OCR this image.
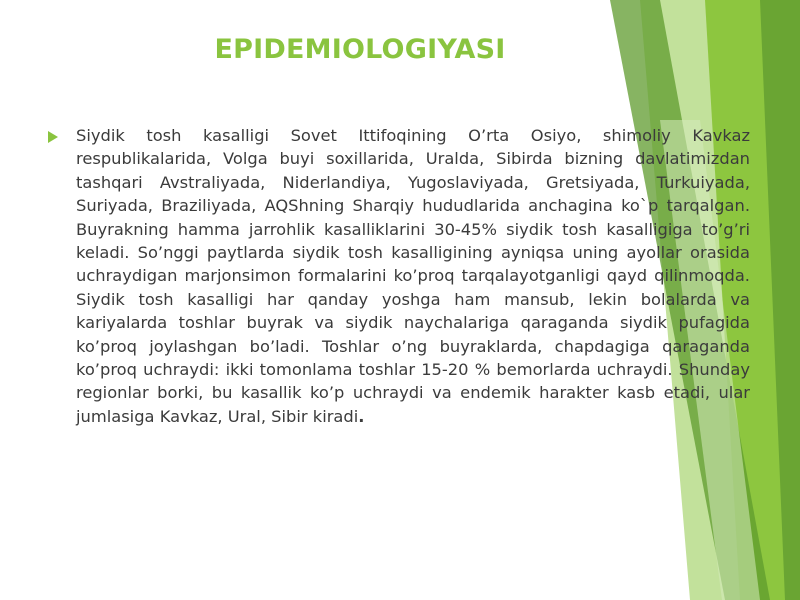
EPIDEMIOLOGIYASI

Siydik tosh kasalligi Sovet Ittifoqining O’rta Osiyo, shimoliy Kavkaz respublikalarida, Volga buyi soxillarida, Uralda, Sibirda bizning davlatimizdan tashqari Avstraliyada, Niderlandiya, Yugoslaviyada, Gretsiyada, Turkuiyada, Suriyada, Braziliyada, AQShning Sharqiy hududlarida anchagina ko`p tarqalgan. Buyrakning hamma jarrohlik kasalliklarini 30-45% siydik tosh kasalligiga to’g’ri keladi. So’nggi paytlarda siydik tosh kasalligining ayniqsa uning ayollar orasida uchraydigan marjonsimon formalarini ko’proq tarqalayotganligi qayd qilinmoqda. Siydik tosh kasalligi har qanday yoshga ham mansub, lekin bolalarda va kariyalarda toshlar buyrak va siydik naychalariga qaraganda siydik pufagida ko’proq joylashgan bo’ladi. Toshlar o’ng buyraklarda, chapdagiga qaraganda ko’proq uchraydi: ikki tomonlama toshlar 15-20 % bemorlarda uchraydi. Shunday regionlar borki, bu kasallik ko’p uchraydi va endemik harakter kasb etadi, ular jumlasiga Kavkaz, Ural, Sibir kiradi.
